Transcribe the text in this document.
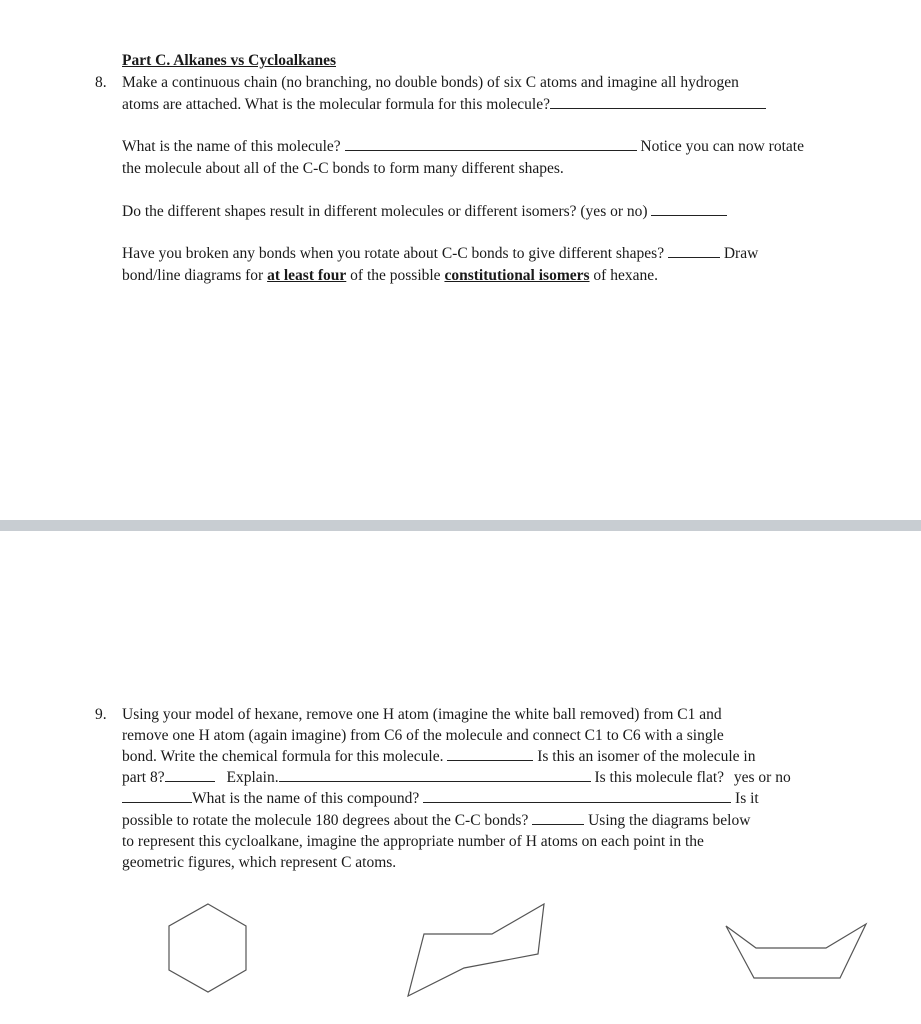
Part C. Alkanes vs Cycloalkanes
8. Make a continuous chain (no branching, no double bonds) of six C atoms and imagine all hydrogen
atoms are attached. What is the molecular formula for this molecule?
What is the name of this molecule?	Notice you can now rotate
the molecule about all of the C-C bonds to form many different shapes.
Do the different shapes result in different molecules or different isomers? (yes or no)
Have you broken any bonds when you rotate about C-C bonds to give different shapes?	Draw
bond/line diagrams for at least four of the possible constitutional isomers of hexane.
9. Using your model of hexane, remove one H atom (imagine the white ball removed) from C1 and
remove one H atom (again imagine) from C6 of the molecule and connect C1 to C6 with a single
bond. Write the chemical formula for this molecule.	Is this an isomer of the molecule in
part 8?	Explain.	Is this molecule flat? yes or no
What is the name of this compound?	Is it
possible to rotate the molecule 180 degrees about the C-C bonds?	Using the diagrams below
to represent this cycloalkane, imagine the appropriate number of H atoms on each point in the
geometric figures, which represent C atoms.
